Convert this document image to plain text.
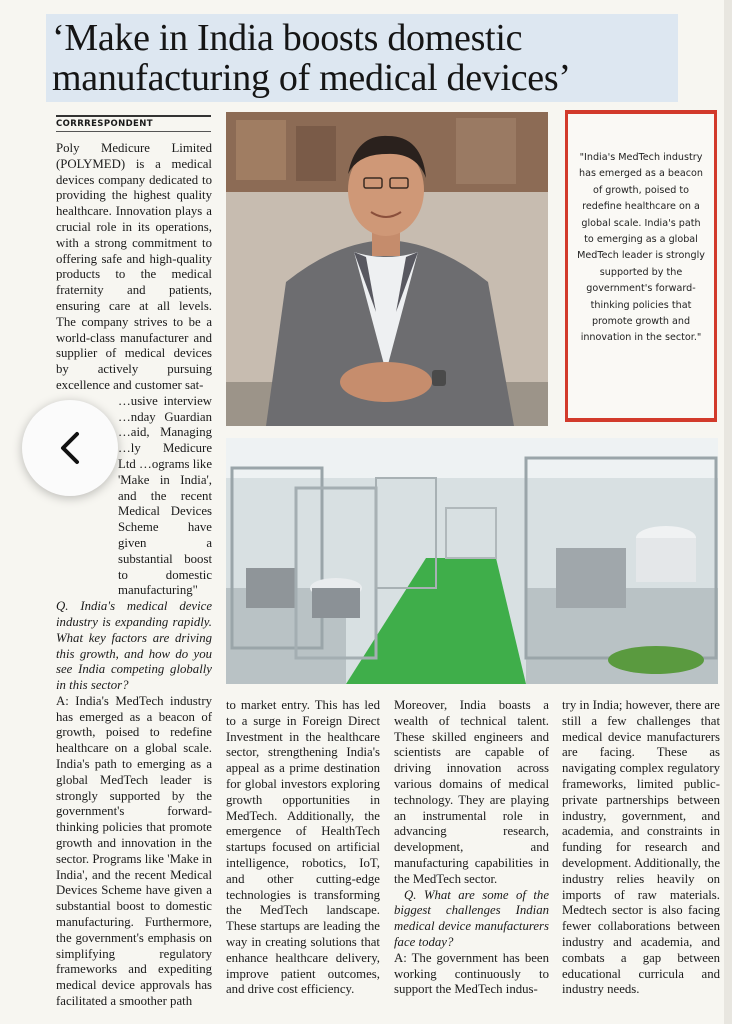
‘Make in India boosts domestic
manufacturing of medical devices’
CORRRESPONDENT

Poly Medicure Limited (POLYMED) is a medical devices company dedicated to providing the highest quality healthcare. Innovation plays a crucial role in its operations, with a strong commitment to offering safe and high-quality products to the medical fraternity and patients, ensuring care at all levels. The company strives to be a world-class manufacturer and supplier of medical devices by actively pursuing excellence and customer sat-

…usive interview …nday Guardian …aid, Managing …ly Medicure Ltd …ograms like 'Make in India', and the recent Medical Devices Scheme have given a substantial boost to domestic manufacturing"

Q. India's medical device industry is expanding rapidly. What key factors are driving this growth, and how do you see India competing globally in this sector?

A: India's MedTech industry has emerged as a beacon of growth, poised to redefine healthcare on a global scale. India's path to emerging as a global MedTech leader is strongly supported by the government's forward-thinking policies that promote growth and innovation in the sector. Programs like 'Make in India', and the recent Medical Devices Scheme have given a substantial boost to domestic manufacturing. Furthermore, the government's emphasis on simplifying regulatory frameworks and expediting medical device approvals has facilitated a smoother path

"India's MedTech industry has emerged as a beacon of growth, poised to redefine healthcare on a global scale. India's path to emerging as a global MedTech leader is strongly supported by the government's forward-thinking policies that promote growth and innovation in the sector."

to market entry. This has led to a surge in Foreign Direct Investment in the healthcare sector, strengthening India's appeal as a prime destination for global investors exploring growth opportunities in MedTech. Additionally, the emergence of HealthTech startups focused on artificial intelligence, robotics, IoT, and other cutting-edge technologies is transforming the MedTech landscape. These startups are leading the way in creating solutions that enhance healthcare delivery, improve patient outcomes, and drive cost efficiency.

Moreover, India boasts a wealth of technical talent. These skilled engineers and scientists are capable of driving innovation across various domains of medical technology. They are playing an instrumental role in advancing research, development, and manufacturing capabilities in the MedTech sector.

Q. What are some of the biggest challenges Indian medical device manufacturers face today?

A: The government has been working continuously to support the MedTech indus-

try in India; however, there are still a few challenges that medical device manufacturers are facing. These as navigating complex regulatory frameworks, limited public-private partnerships between industry, government, and academia, and constraints in funding for research and development. Additionally, the industry relies heavily on imports of raw materials. Medtech sector is also facing fewer collaborations between industry and academia, and combats a gap between educational curricula and industry needs.
